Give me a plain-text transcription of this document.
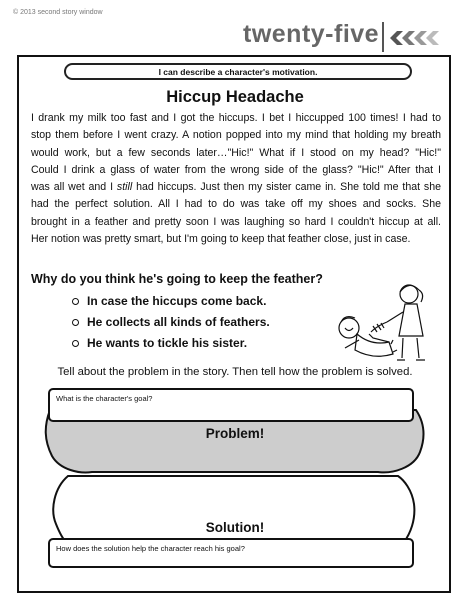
© 2013 second story window
twenty-five
I can describe a character's motivation.
Hiccup Headache
I drank my milk too fast and I got the hiccups. I bet I hiccupped 100 times! I had to
stop them before I went crazy. A notion popped into my mind that holding my breath
would work, but a few seconds later…"Hic!" What if I stood on my head? "Hic!"
Could I drink a glass of water from the wrong side of the glass? "Hic!" After that I
was all wet and I still had hiccups. Just then my sister came in. She told me that she
had the perfect solution. All I had to do was take off my shoes and socks. She
brought in a feather and pretty soon I was laughing so hard I couldn't hiccup at all.
Her notion was pretty smart, but I'm going to keep that feather close, just in case.
Why do you think he's going to keep the feather?
In case the hiccups come back.
He collects all kinds of feathers.
He wants to tickle his sister.
Tell about the problem in the story. Then tell how the problem is solved.
What is the character's goal?
Problem!
Solution!
How does the solution help the character reach his goal?
